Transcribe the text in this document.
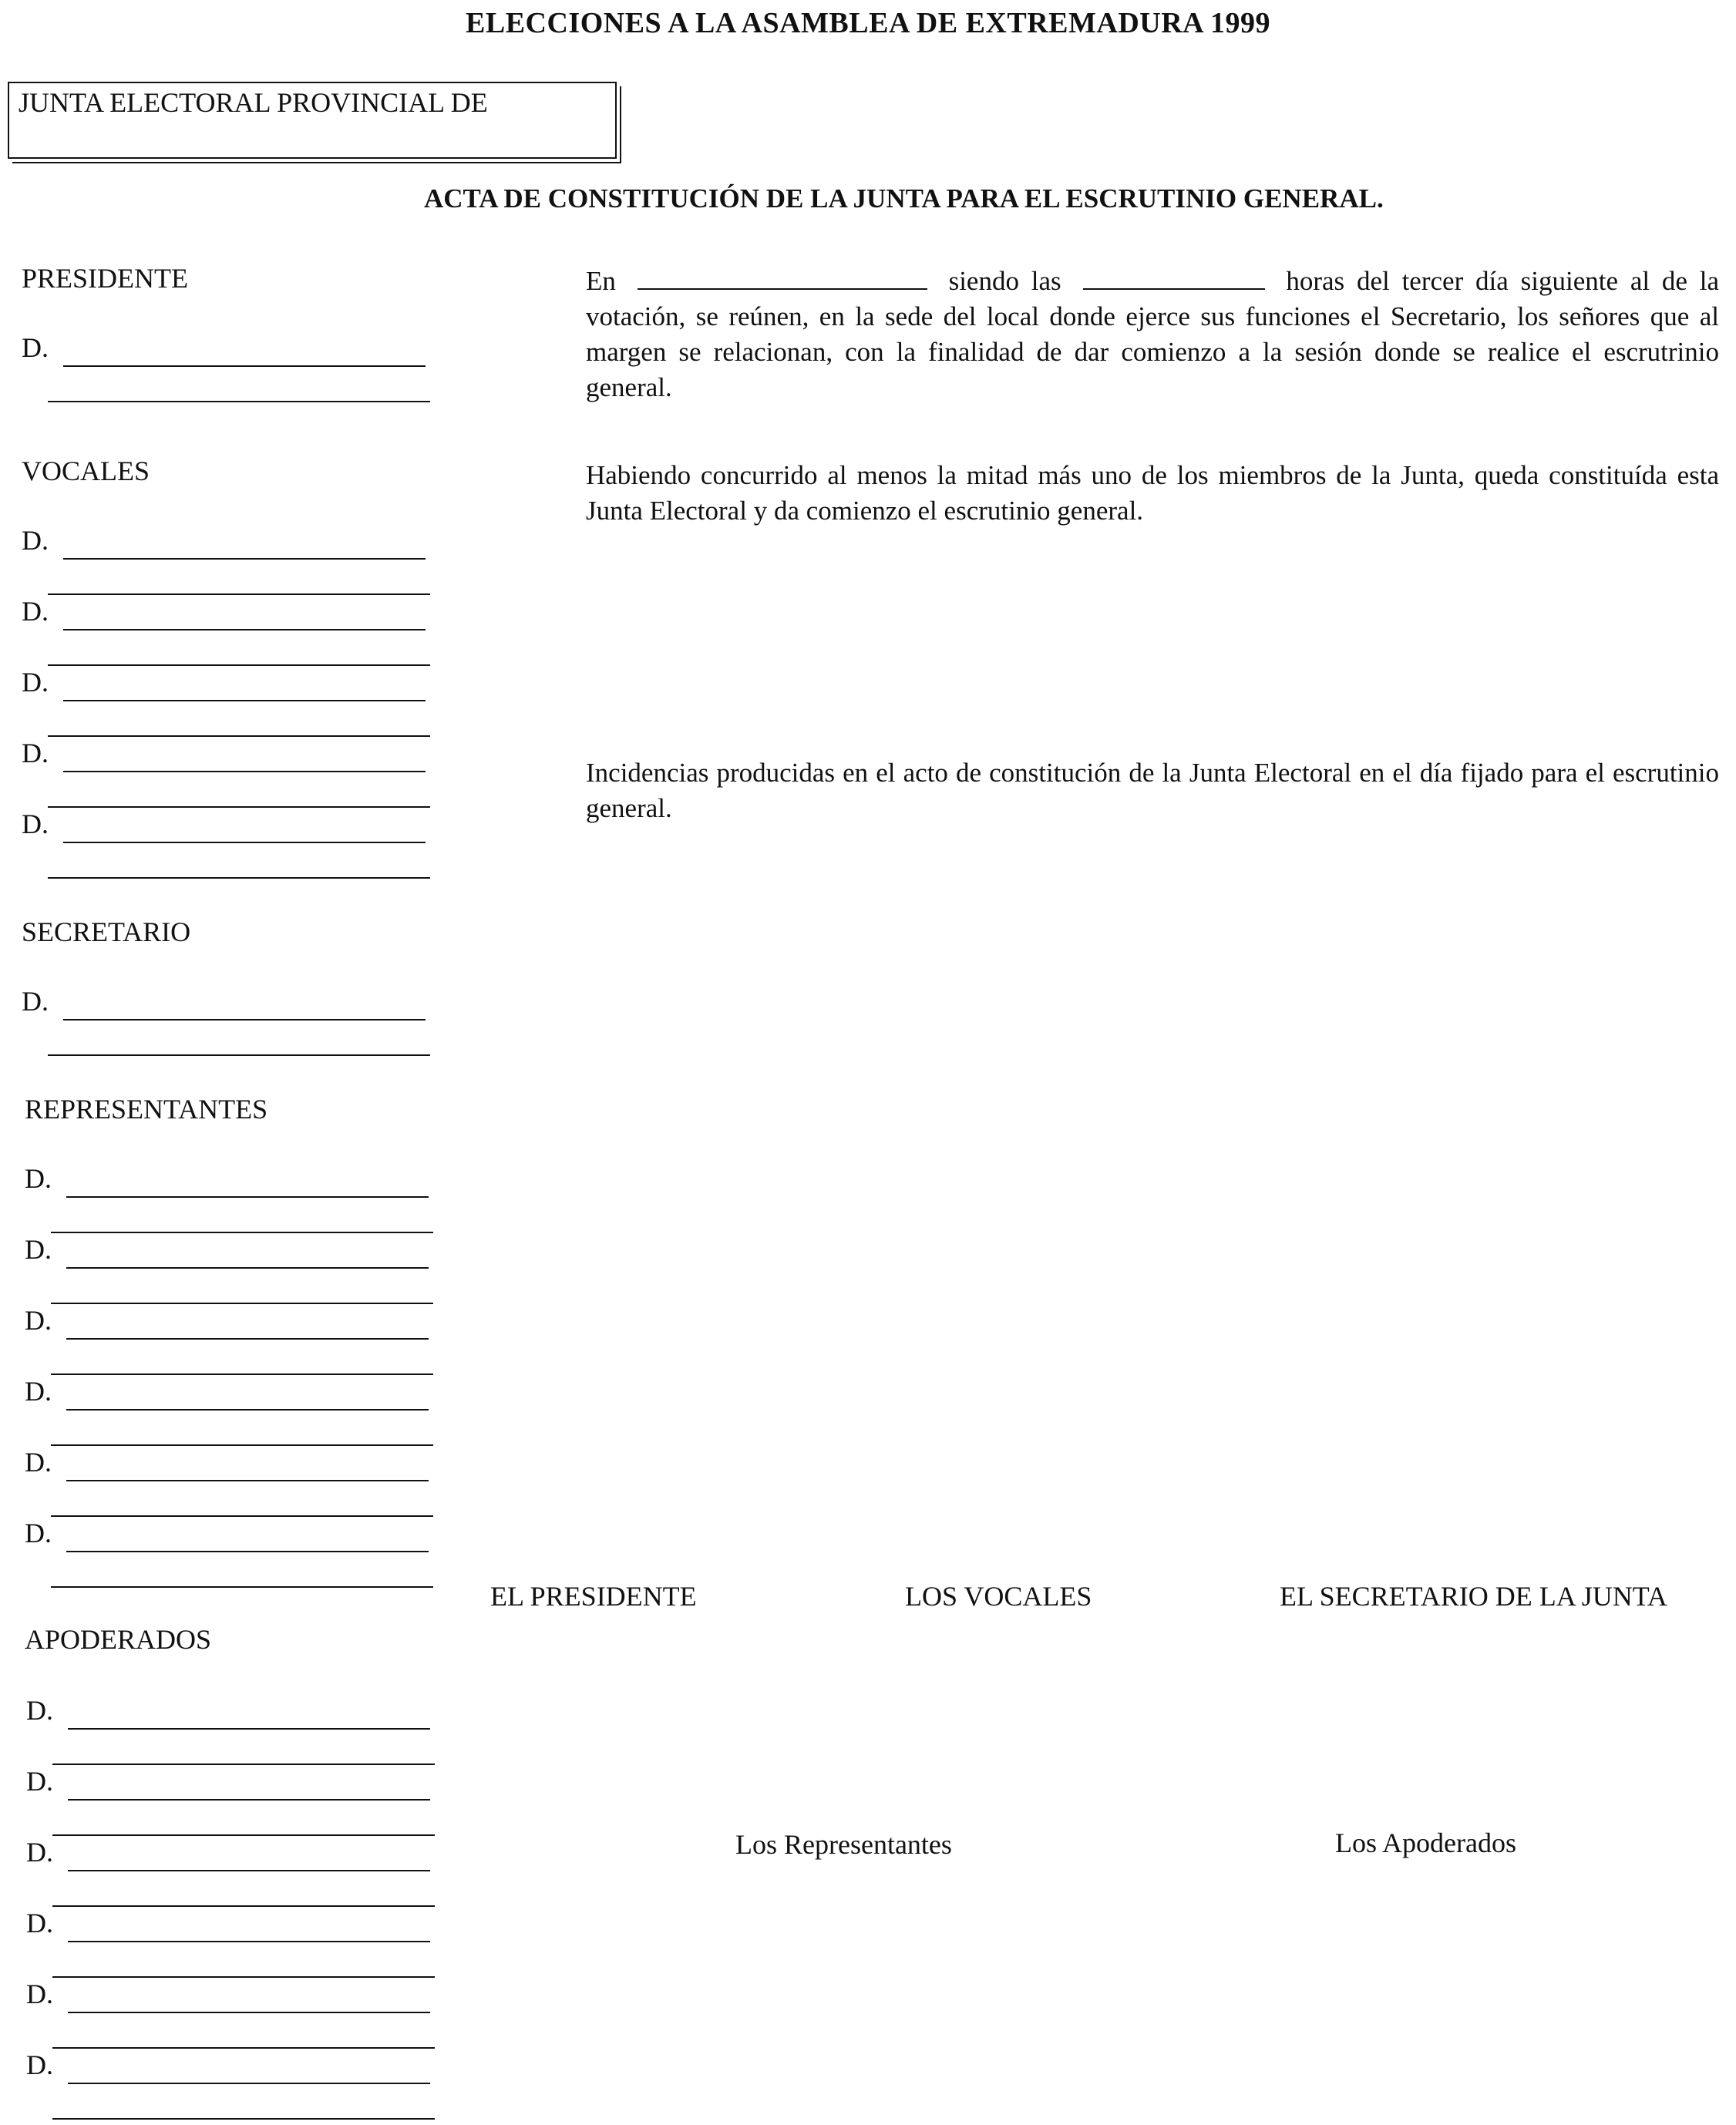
ELECCIONES A LA ASAMBLEA DE EXTREMADURA 1999
JUNTA ELECTORAL PROVINCIAL DE
ACTA DE CONSTITUCIÓN DE LA JUNTA PARA EL ESCRUTINIO GENERAL.
PRESIDENTE
D.
VOCALES
D.
D.
D.
D.
D.
SECRETARIO
D.
REPRESENTANTES
D.
D.
D.
D.
D.
D.
APODERADOS
D.
D.
D.
D.
D.
D.
En	siendo las	horas del tercer día siguiente al de la votación, se reúnen, en la sede del local donde ejerce sus funciones el Secretario, los señores que al margen se relacionan, con la finalidad de dar comienzo a la sesión donde se realice el escrutrinio general.
Habiendo concurrido al menos la mitad más uno de los miembros de la Junta, queda constituída esta Junta Electoral y da comienzo el escrutinio general.
Incidencias producidas en el acto de constitución de la Junta Electoral en el día fijado para el escrutinio general.
EL PRESIDENTE	LOS VOCALES	EL SECRETARIO DE LA JUNTA
Los Representantes	Los Apoderados
